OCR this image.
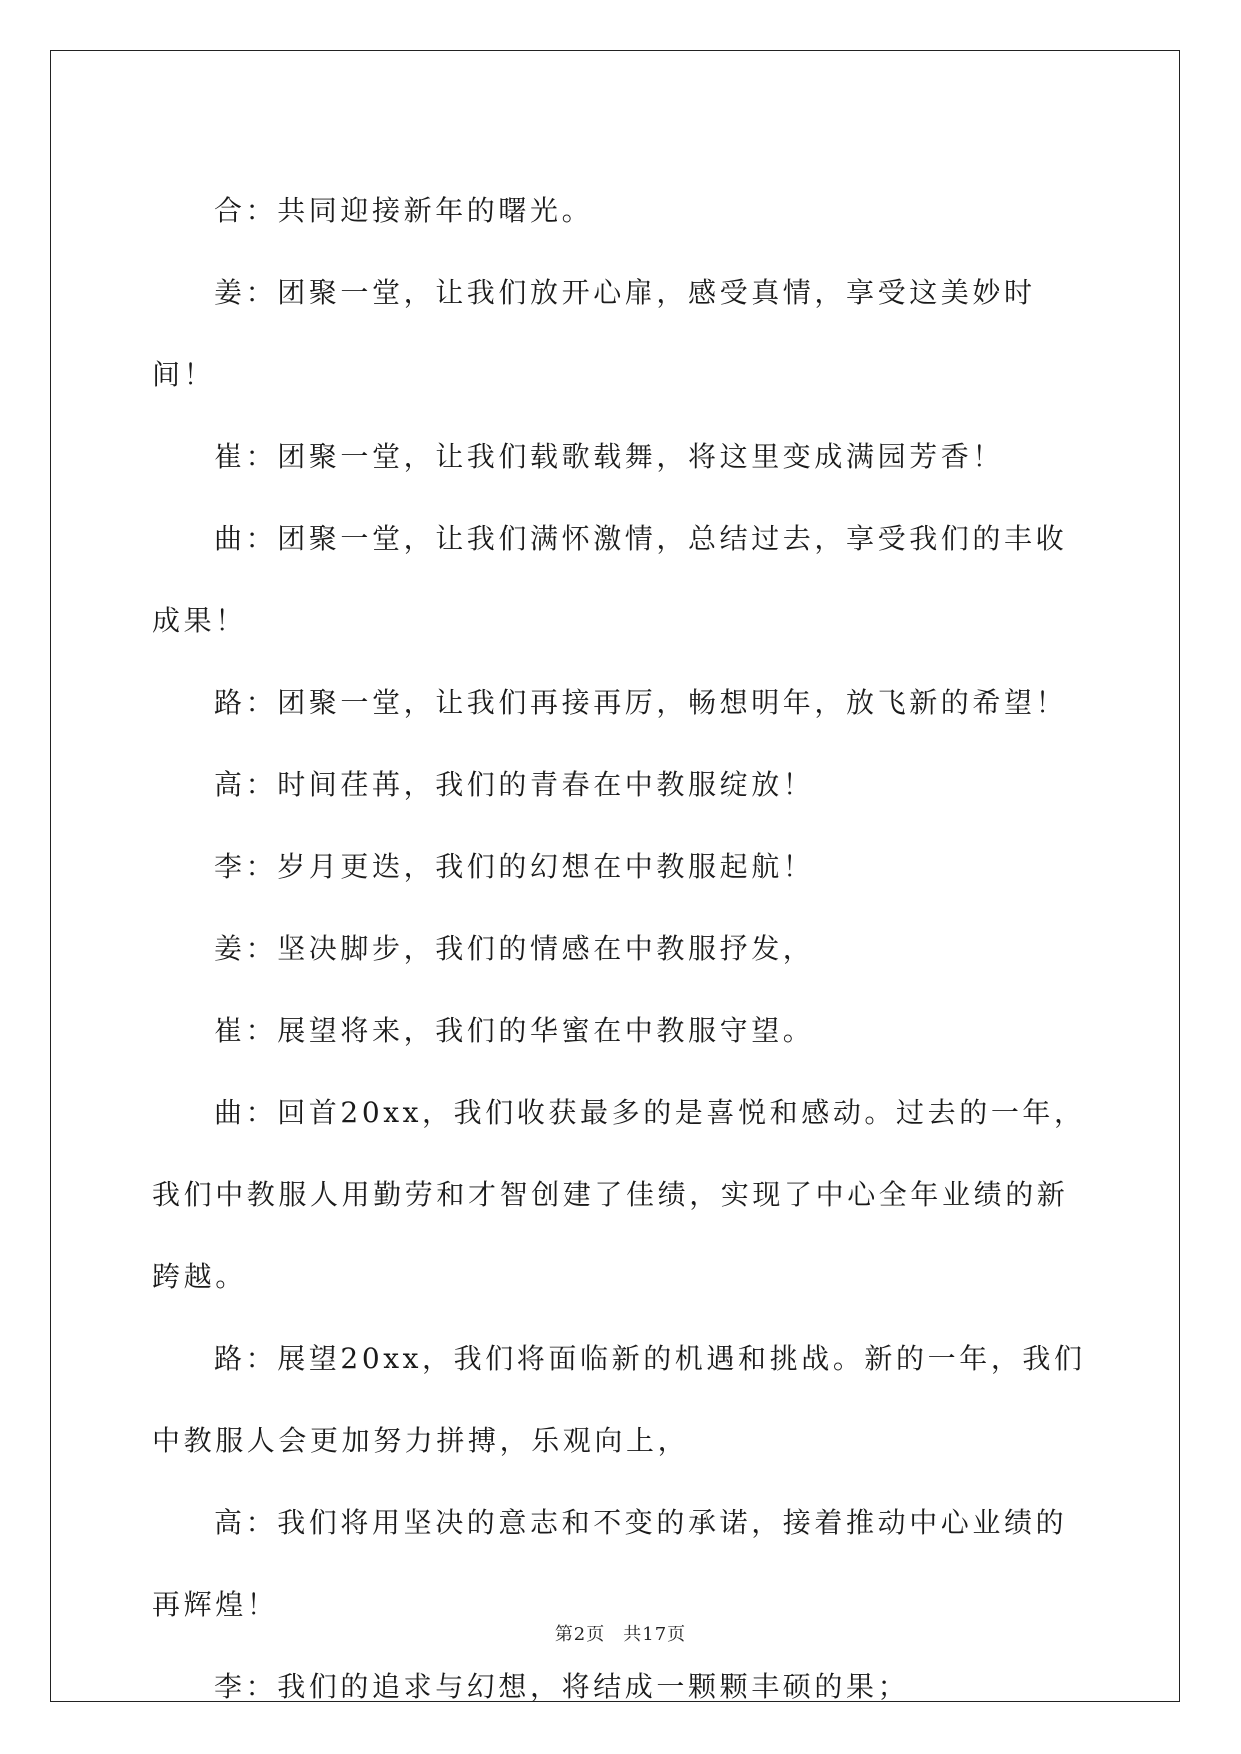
合：共同迎接新年的曙光。

姜：团聚一堂，让我们放开心扉，感受真情，享受这美妙时间！

崔：团聚一堂，让我们载歌载舞，将这里变成满园芳香！

曲：团聚一堂，让我们满怀激情，总结过去，享受我们的丰收成果！

路：团聚一堂，让我们再接再厉，畅想明年，放飞新的希望！

高：时间荏苒，我们的青春在中教服绽放！

李：岁月更迭，我们的幻想在中教服起航！

姜：坚决脚步，我们的情感在中教服抒发，

崔：展望将来，我们的华蜜在中教服守望。

曲：回首20xx，我们收获最多的是喜悦和感动。过去的一年，我们中教服人用勤劳和才智创建了佳绩，实现了中心全年业绩的新跨越。

路：展望20xx，我们将面临新的机遇和挑战。新的一年，我们中教服人会更加努力拼搏，乐观向上，

高：我们将用坚决的意志和不变的承诺，接着推动中心业绩的再辉煌！

李：我们的追求与幻想，将结成一颗颗丰硕的果；

第2页 共17页
